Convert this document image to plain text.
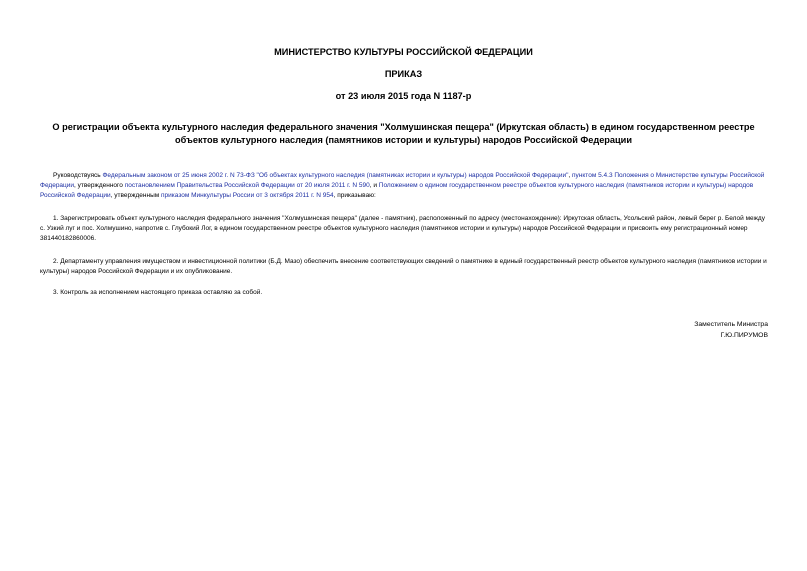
МИНИСТЕРСТВО КУЛЬТУРЫ РОССИЙСКОЙ ФЕДЕРАЦИИ
ПРИКАЗ
от 23 июля 2015 года N 1187-р
О регистрации объекта культурного наследия федерального значения "Холмушинская пещера" (Иркутская область) в едином государственном реестре объектов культурного наследия (памятников истории и культуры) народов Российской Федерации
Руководствуясь Федеральным законом от 25 июня 2002 г. N 73-ФЗ "Об объектах культурного наследия (памятниках истории и культуры) народов Российской Федерации", пунктом 5.4.3 Положения о Министерстве культуры Российской Федерации, утвержденного постановлением Правительства Российской Федерации от 20 июля 2011 г. N 590, и Положением о едином государственном реестре объектов культурного наследия (памятников истории и культуры) народов Российской Федерации, утвержденным приказом Минкультуры России от 3 октября 2011 г. N 954, приказываю:
1. Зарегистрировать объект культурного наследия федерального значения "Холмушинская пещера" (далее - памятник), расположенный по адресу (местонахождение): Иркутская область, Усольский район, левый берег р. Белой между с. Узкий луг и пос. Холмушино, напротив с. Глубокий Лог, в едином государственном реестре объектов культурного наследия (памятников истории и культуры) народов Российской Федерации и присвоить ему регистрационный номер 381440182860006.
2. Департаменту управления имуществом и инвестиционной политики (Б.Д. Мазо) обеспечить внесение соответствующих сведений о памятнике в единый государственный реестр объектов культурного наследия (памятников истории и культуры) народов Российской Федерации и их опубликование.
3. Контроль за исполнением настоящего приказа оставляю за собой.
Заместитель Министра
Г.Ю.ПИРУМОВ
